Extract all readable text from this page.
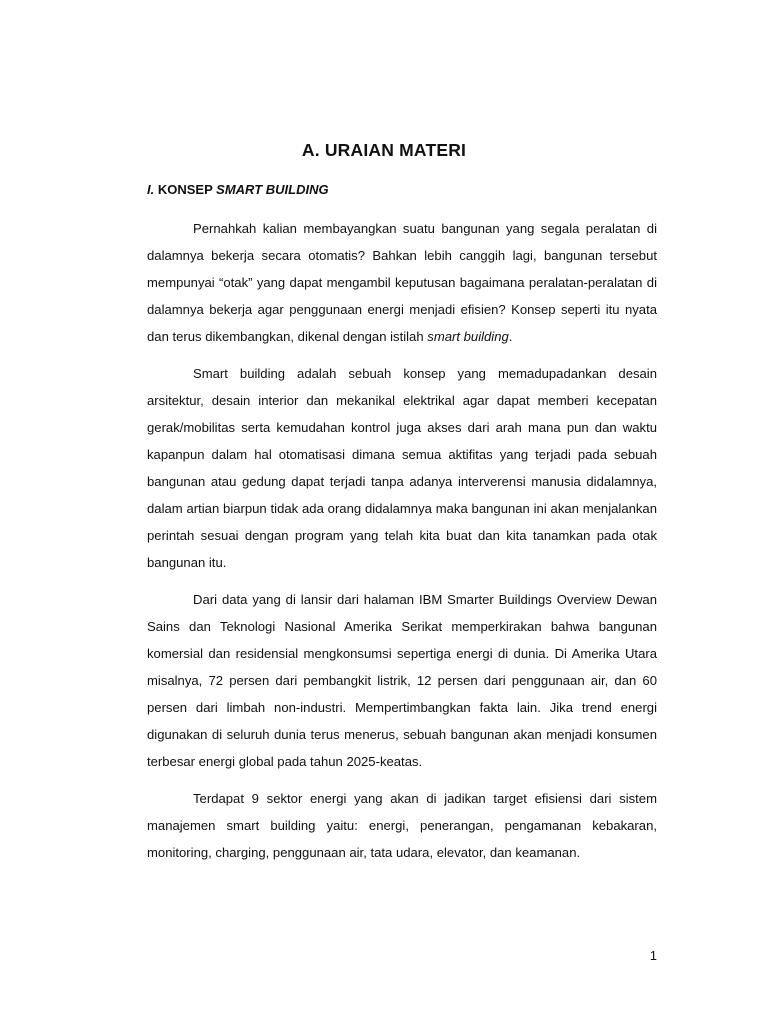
A. URAIAN MATERI
I. KONSEP SMART BUILDING

Pernahkah kalian membayangkan suatu bangunan yang segala peralatan di dalamnya bekerja secara otomatis? Bahkan lebih canggih lagi, bangunan tersebut mempunyai “otak” yang dapat mengambil keputusan bagaimana peralatan-peralatan di dalamnya bekerja agar penggunaan energi menjadi efisien? Konsep seperti itu nyata dan terus dikembangkan, dikenal dengan istilah smart building.

Smart building adalah sebuah konsep yang memadupadankan desain arsitektur, desain interior dan mekanikal elektrikal agar dapat memberi kecepatan gerak/mobilitas serta kemudahan kontrol juga akses dari arah mana pun dan waktu kapanpun dalam hal otomatisasi dimana semua aktifitas yang terjadi pada sebuah bangunan atau gedung dapat terjadi tanpa adanya interverensi manusia didalamnya, dalam artian biarpun tidak ada orang didalamnya maka bangunan ini akan menjalankan perintah sesuai dengan program yang telah kita buat dan kita tanamkan pada otak bangunan itu.

Dari data yang di lansir dari halaman IBM Smarter Buildings Overview Dewan Sains dan Teknologi Nasional Amerika Serikat memperkirakan bahwa bangunan komersial dan residensial mengkonsumsi sepertiga energi di dunia. Di Amerika Utara misalnya, 72 persen dari pembangkit listrik, 12 persen dari penggunaan air, dan 60 persen dari limbah non-industri. Mempertimbangkan fakta lain. Jika trend energi digunakan di seluruh dunia terus menerus, sebuah bangunan akan menjadi konsumen terbesar energi global pada tahun 2025-keatas.

Terdapat 9 sektor energi yang akan di jadikan target efisiensi dari sistem manajemen smart building yaitu: energi, penerangan, pengamanan kebakaran, monitoring, charging, penggunaan air, tata udara, elevator, dan keamanan.

1
